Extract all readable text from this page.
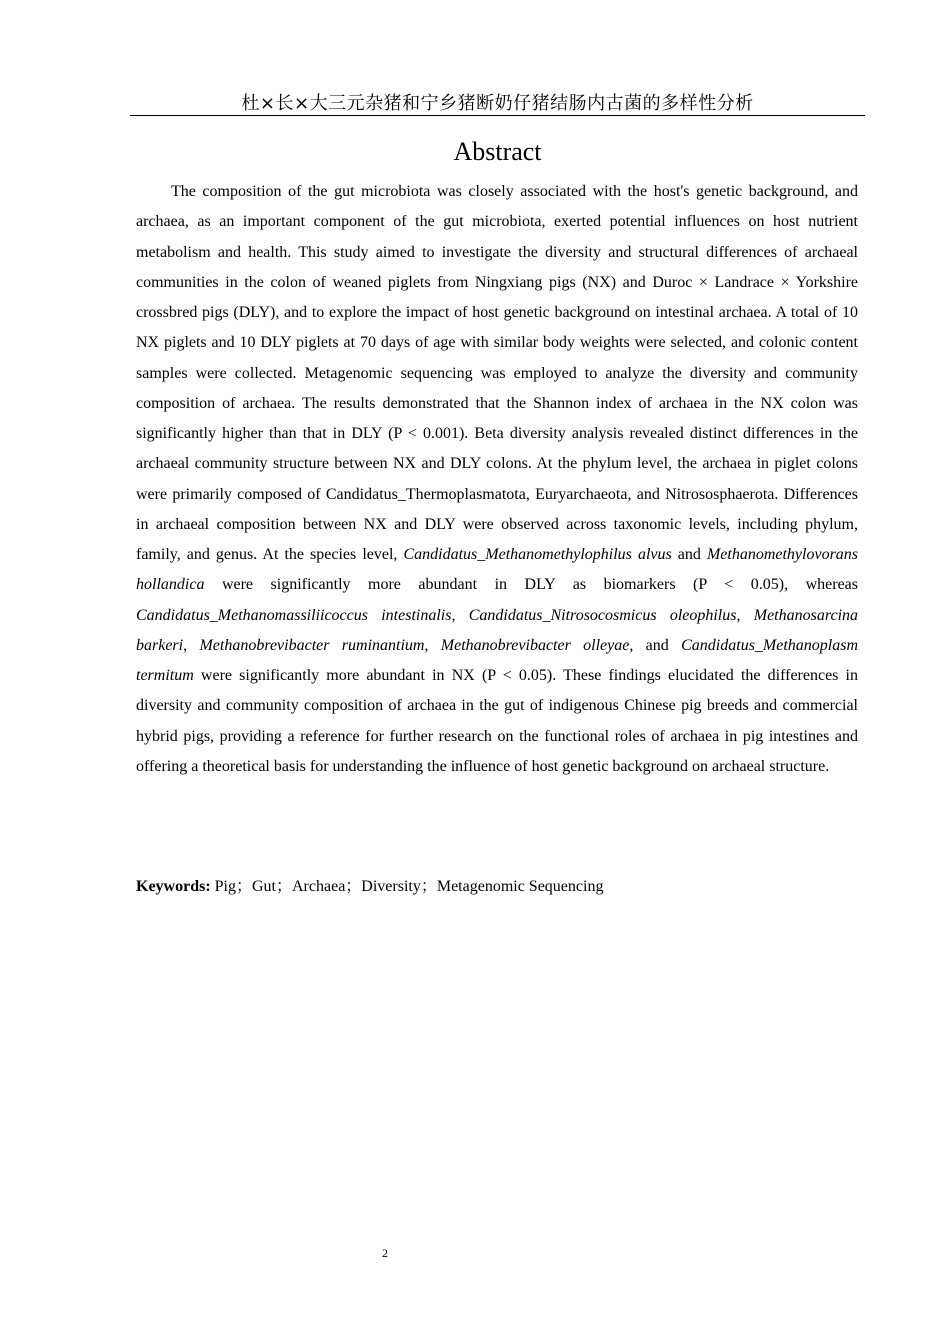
杜×长×大三元杂猪和宁乡猪断奶仔猪结肠内古菌的多样性分析
Abstract

The composition of the gut microbiota was closely associated with the host's genetic background, and archaea, as an important component of the gut microbiota, exerted potential influences on host nutrient metabolism and health. This study aimed to investigate the diversity and structural differences of archaeal communities in the colon of weaned piglets from Ningxiang pigs (NX) and Duroc × Landrace × Yorkshire crossbred pigs (DLY), and to explore the impact of host genetic background on intestinal archaea. A total of 10 NX piglets and 10 DLY piglets at 70 days of age with similar body weights were selected, and colonic content samples were collected. Metagenomic sequencing was employed to analyze the diversity and community composition of archaea. The results demonstrated that the Shannon index of archaea in the NX colon was significantly higher than that in DLY (P < 0.001). Beta diversity analysis revealed distinct differences in the archaeal community structure between NX and DLY colons. At the phylum level, the archaea in piglet colons were primarily composed of Candidatus_Thermoplasmatota, Euryarchaeota, and Nitrososphaerota. Differences in archaeal composition between NX and DLY were observed across taxonomic levels, including phylum, family, and genus. At the species level, Candidatus_Methanomethylophilus alvus and Methanomethylovorans hollandica were significantly more abundant in DLY as biomarkers (P < 0.05), whereas Candidatus_Methanomassiliicoccus intestinalis, Candidatus_Nitrosocosmicus oleophilus, Methanosarcina barkeri, Methanobrevibacter ruminantium, Methanobrevibacter olleyae, and Candidatus_Methanoplasm termitum were significantly more abundant in NX (P < 0.05). These findings elucidated the differences in diversity and community composition of archaea in the gut of indigenous Chinese pig breeds and commercial hybrid pigs, providing a reference for further research on the functional roles of archaea in pig intestines and offering a theoretical basis for understanding the influence of host genetic background on archaeal structure.

Keywords: Pig；Gut；Archaea；Diversity；Metagenomic Sequencing
2
